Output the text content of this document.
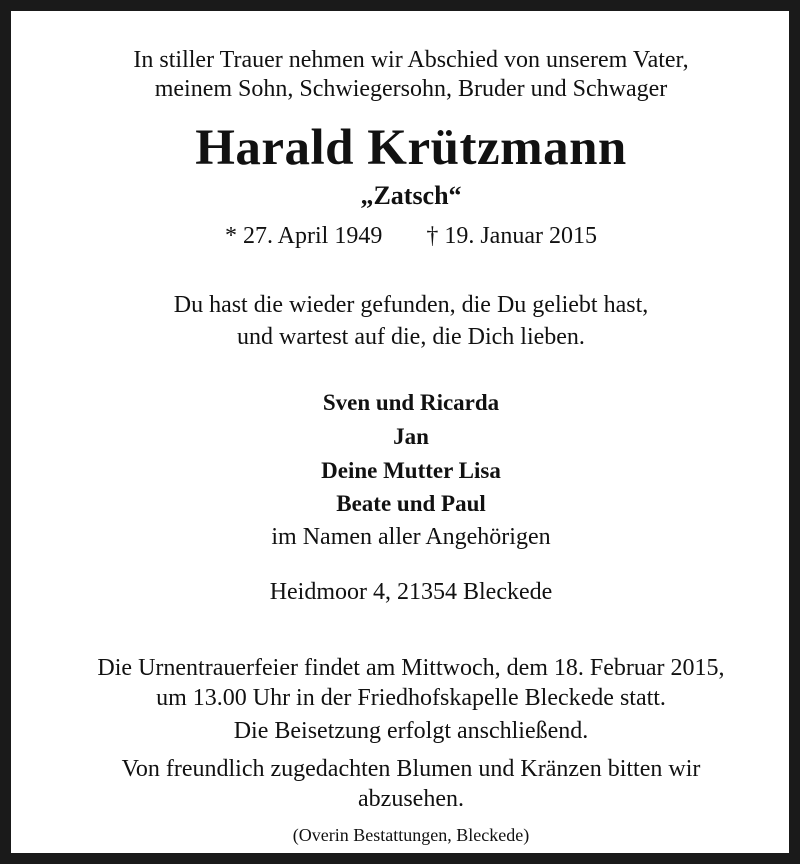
In stiller Trauer nehmen wir Abschied von unserem Vater,
meinem Sohn, Schwiegersohn, Bruder und Schwager
Harald Krützmann
„Zatsch“
* 27. April 1949 † 19. Januar 2015
Du hast die wieder gefunden, die Du geliebt hast,
und wartest auf die, die Dich lieben.
Sven und Ricarda
Jan
Deine Mutter Lisa
Beate und Paul
im Namen aller Angehörigen
Heidmoor 4, 21354 Bleckede
Die Urnentrauerfeier findet am Mittwoch, dem 18. Februar 2015,
um 13.00 Uhr in der Friedhofskapelle Bleckede statt.
Die Beisetzung erfolgt anschließend.
Von freundlich zugedachten Blumen und Kränzen bitten wir
abzusehen.
(Overin Bestattungen, Bleckede)
